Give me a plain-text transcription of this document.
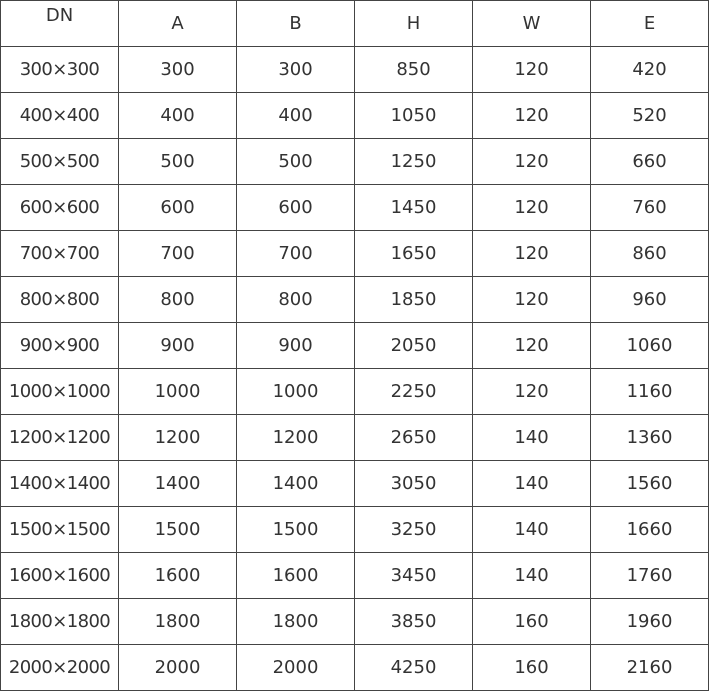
DN	A	B	H	W	E
300×300	300	300	850	120	420
400×400	400	400	1050	120	520
500×500	500	500	1250	120	660
600×600	600	600	1450	120	760
700×700	700	700	1650	120	860
800×800	800	800	1850	120	960
900×900	900	900	2050	120	1060
1000×1000	1000	1000	2250	120	1160
1200×1200	1200	1200	2650	140	1360
1400×1400	1400	1400	3050	140	1560
1500×1500	1500	1500	3250	140	1660
1600×1600	1600	1600	3450	140	1760
1800×1800	1800	1800	3850	160	1960
2000×2000	2000	2000	4250	160	2160
